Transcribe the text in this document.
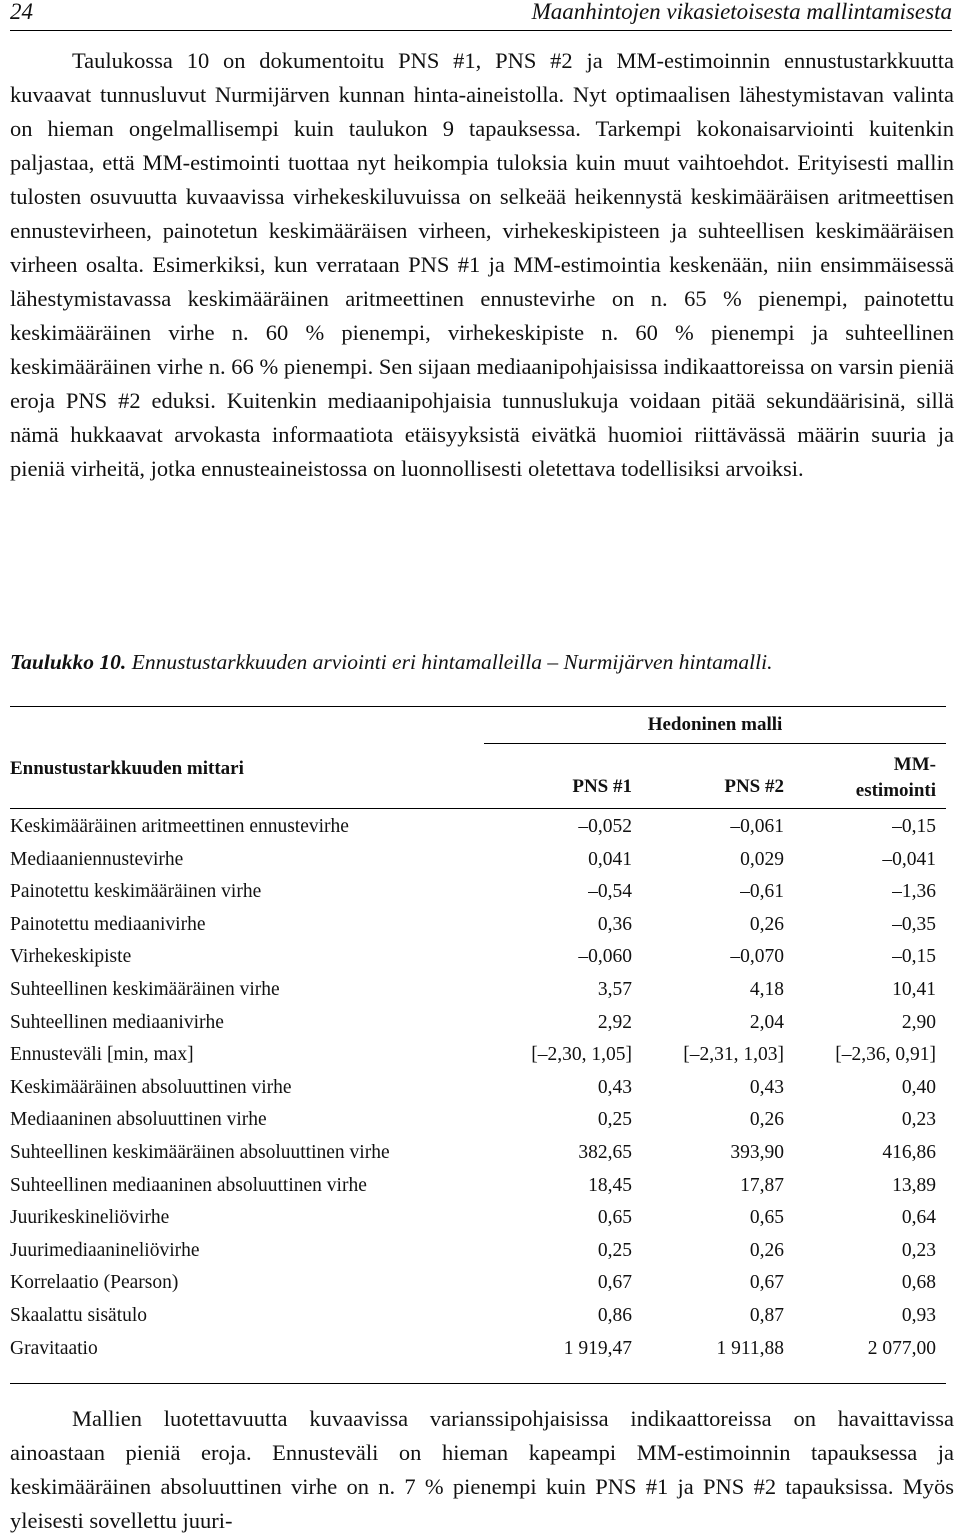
24	Maanhintojen vikasietoisesta mallintamisesta

Taulukossa 10 on dokumentoitu PNS #1, PNS #2 ja MM-estimoinnin ennustustarkkuutta kuvaavat tunnusluvut Nurmijärven kunnan hinta-aineistolla. Nyt optimaalisen lähestymistavan valinta on hieman ongelmallisempi kuin taulukon 9 tapauksessa. Tarkempi kokonaisarviointi kuitenkin paljastaa, että MM-estimointi tuottaa nyt heikompia tuloksia kuin muut vaihtoehdot. Erityisesti mallin tulosten osuvuutta kuvaavissa virhekeskiluvuissa on selkeää heikennystä keskimääräisen aritmeettisen ennustevirheen, painotetun keskimääräisen virheen, virhekeskipisteen ja suhteellisen keskimääräisen virheen osalta. Esimerkiksi, kun verrataan PNS #1 ja MM-estimointia keskenään, niin ensimmäisessä lähestymistavassa keskimääräinen aritmeettinen ennustevirhe on n. 65 % pienempi, painotettu keskimääräinen virhe n. 60 % pienempi, virhekeskipiste n. 60 % pienempi ja suhteellinen keskimääräinen virhe n. 66 % pienempi. Sen sijaan mediaanipohjaisissa indikaattoreissa on varsin pieniä eroja PNS #2 eduksi. Kuitenkin mediaanipohjaisia tunnuslukuja voidaan pitää sekundäärisinä, sillä nämä hukkaavat arvokasta informaatiota etäisyyksistä eivätkä huomioi riittävässä määrin suuria ja pieniä virheitä, jotka ennusteaineistossa on luonnollisesti oletettava todellisiksi arvoiksi.

Taulukko 10. Ennustustarkkuuden arviointi eri hintamalleilla – Nurmijärven hintamalli.

Hedoninen malli
Ennustustarkkuuden mittari
PNS #1	PNS #2
MM-
estimointi
Keskimääräinen aritmeettinen ennustevirhe	–0,052	–0,061	–0,15
Mediaaniennustevirhe	0,041	0,029	–0,041
Painotettu keskimääräinen virhe	–0,54	–0,61	–1,36
Painotettu mediaanivirhe	0,36	0,26	–0,35
Virhekeskipiste	–0,060	–0,070	–0,15
Suhteellinen keskimääräinen virhe	3,57	4,18	10,41
Suhteellinen mediaanivirhe	2,92	2,04	2,90
Ennusteväli [min, max]	[–2,30, 1,05]	[–2,31, 1,03]	[–2,36, 0,91]
Keskimääräinen absoluuttinen virhe	0,43	0,43	0,40
Mediaaninen absoluuttinen virhe	0,25	0,26	0,23
Suhteellinen keskimääräinen absoluuttinen virhe	382,65	393,90	416,86
Suhteellinen mediaaninen absoluuttinen virhe	18,45	17,87	13,89
Juurikeskineliövirhe	0,65	0,65	0,64
Juurimediaanineliövirhe	0,25	0,26	0,23
Korrelaatio (Pearson)	0,67	0,67	0,68
Skaalattu sisätulo	0,86	0,87	0,93
Gravitaatio	1 919,47	1 911,88	2 077,00

Mallien luotettavuutta kuvaavissa varianssipohjaisissa indikaattoreissa on havaittavissa ainoastaan pieniä eroja. Ennusteväli on hieman kapeampi MM-estimoinnin tapauksessa ja keskimääräinen absoluuttinen virhe on n. 7 % pienempi kuin PNS #1 ja PNS #2 tapauksissa. Myös yleisesti sovellettu juuri-
